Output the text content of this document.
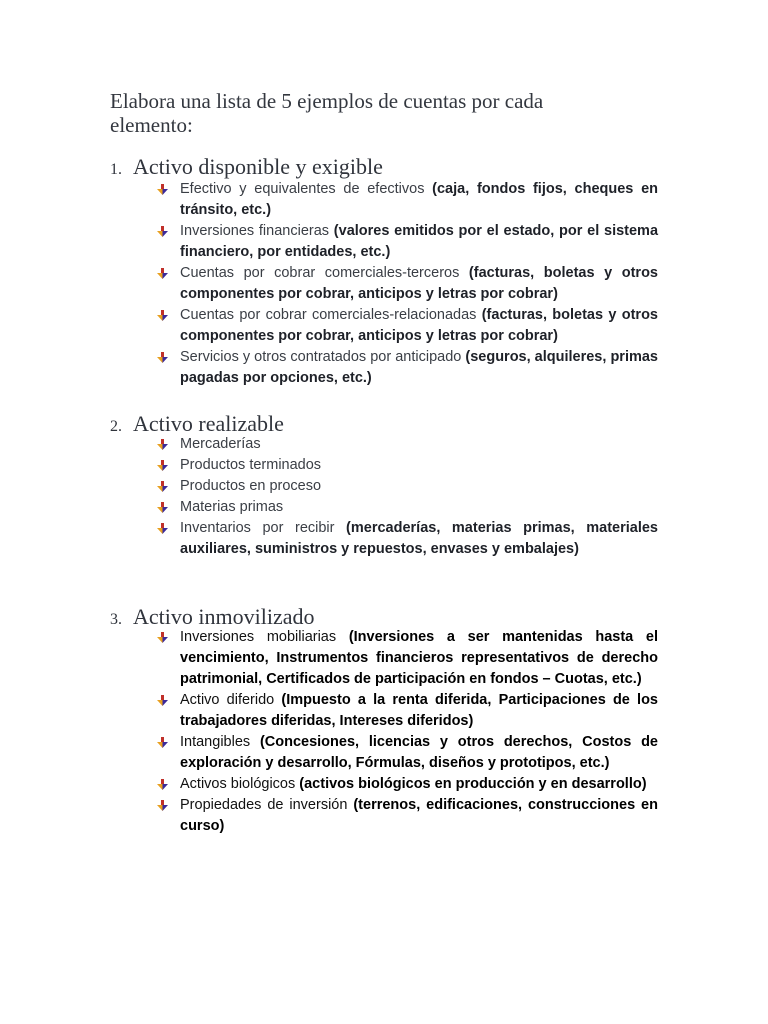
Elabora una lista de 5 ejemplos de cuentas por cada elemento:
1. Activo disponible y exigible
Efectivo y equivalentes de efectivos (caja, fondos fijos, cheques en tránsito, etc.)
Inversiones financieras (valores emitidos por el estado, por el sistema financiero, por entidades, etc.)
Cuentas por cobrar comerciales-terceros (facturas, boletas y otros componentes por cobrar, anticipos y letras por cobrar)
Cuentas por cobrar comerciales-relacionadas (facturas, boletas y otros componentes por cobrar, anticipos y letras por cobrar)
Servicios y otros contratados por anticipado (seguros, alquileres, primas pagadas por opciones, etc.)
2. Activo realizable
Mercaderías
Productos terminados
Productos en proceso
Materias primas
Inventarios por recibir (mercaderías, materias primas, materiales auxiliares, suministros y repuestos, envases y embalajes)
3. Activo inmovilizado
Inversiones mobiliarias (Inversiones a ser mantenidas hasta el vencimiento, Instrumentos financieros representativos de derecho patrimonial, Certificados de participación en fondos – Cuotas, etc.)
Activo diferido (Impuesto a la renta diferida, Participaciones de los trabajadores diferidas, Intereses diferidos)
Intangibles (Concesiones, licencias y otros derechos, Costos de exploración y desarrollo, Fórmulas, diseños y prototipos, etc.)
Activos biológicos (activos biológicos en producción y en desarrollo)
Propiedades de inversión (terrenos, edificaciones, construcciones en curso)
